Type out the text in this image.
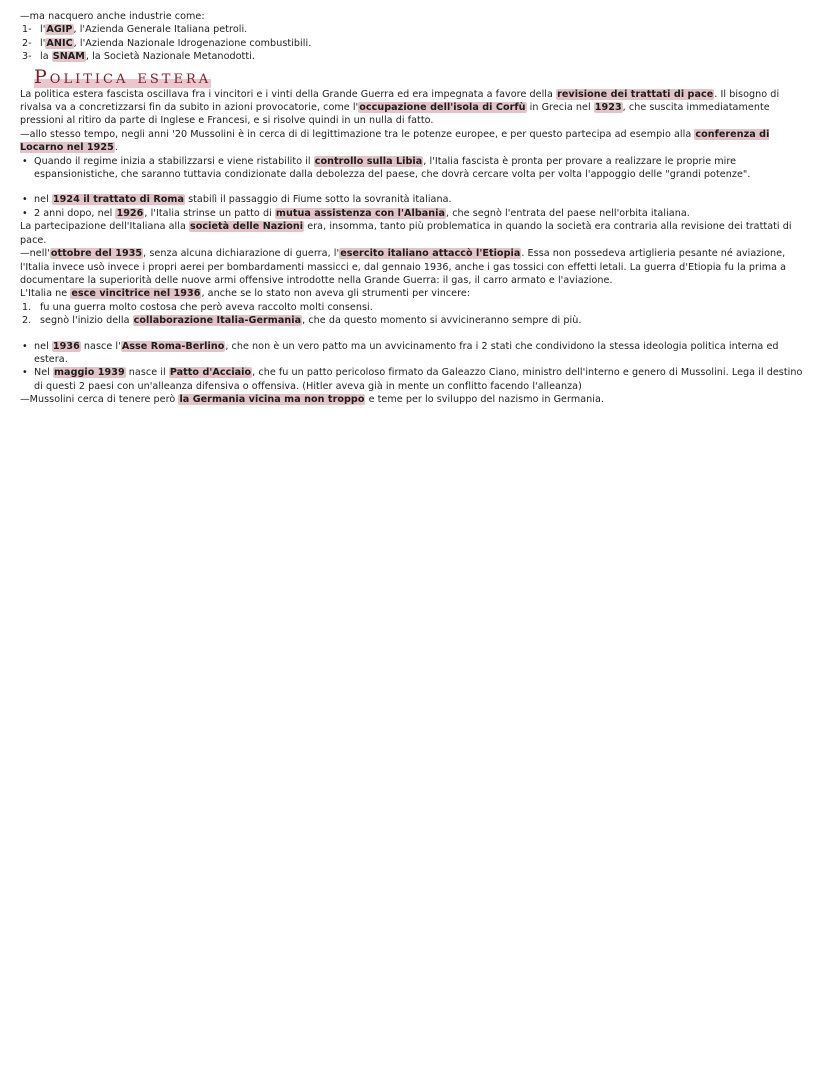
—ma nacquero anche industrie come:

1- l'AGIP, l'Azienda Generale Italiana petroli.

2- l'ANIC, l'Azienda Nazionale Idrogenazione combustibili.

3- la SNAM, la Società Nazionale Metanodotti.

Politica estera

La politica estera fascista oscillava fra i vincitori e i vinti della Grande Guerra ed era impegnata a favore della revisione dei trattati di pace. Il bisogno di rivalsa va a concretizzarsi fin da subito in azioni provocatorie, come l'occupazione dell'isola di Corfù in Grecia nel 1923, che suscita immediatamente pressioni al ritiro da parte di Inglese e Francesi, e si risolve quindi in un nulla di fatto.

—allo stesso tempo, negli anni '20 Mussolini è in cerca di di legittimazione tra le potenze europee, e per questo partecipa ad esempio alla conferenza di Locarno nel 1925.

• Quando il regime inizia a stabilizzarsi e viene ristabilito il controllo sulla Libia, l'Italia fascista è pronta per provare a realizzare le proprie mire espansionistiche, che saranno tuttavia condizionate dalla debolezza del paese, che dovrà cercare volta per volta l'appoggio delle "grandi potenze".

• nel 1924 il trattato di Roma stabilì il passaggio di Fiume sotto la sovranità italiana.

• 2 anni dopo, nel 1926, l'Italia strinse un patto di mutua assistenza con l'Albania, che segnò l'entrata del paese nell'orbita italiana.

La partecipazione dell'Italiana alla società delle Nazioni era, insomma, tanto più problematica in quando la società era contraria alla revisione dei trattati di pace.

—nell'ottobre del 1935, senza alcuna dichiarazione di guerra, l'esercito italiano attaccò l'Etiopia. Essa non possedeva artiglieria pesante né aviazione, l'Italia invece usò invece i propri aerei per bombardamenti massicci e, dal gennaio 1936, anche i gas tossici con effetti letali. La guerra d'Etiopia fu la prima a documentare la superiorità delle nuove armi offensive introdotte nella Grande Guerra: il gas, il carro armato e l'aviazione.

L'Italia ne esce vincitrice nel 1936, anche se lo stato non aveva gli strumenti per vincere:

1. fu una guerra molto costosa che però aveva raccolto molti consensi.

2. segnò l'inizio della collaborazione Italia-Germania, che da questo momento si avvicineranno sempre di più.

• nel 1936 nasce l'Asse Roma-Berlino, che non è un vero patto ma un avvicinamento fra i 2 stati che condividono la stessa ideologia politica interna ed estera.

• Nel maggio 1939 nasce il Patto d'Acciaio, che fu un patto pericoloso firmato da Galeazzo Ciano, ministro dell'interno e genero di Mussolini. Lega il destino di questi 2 paesi con un'alleanza difensiva o offensiva. (Hitler aveva già in mente un conflitto facendo l'alleanza)

—Mussolini cerca di tenere però la Germania vicina ma non troppo e teme per lo sviluppo del nazismo in Germania.
